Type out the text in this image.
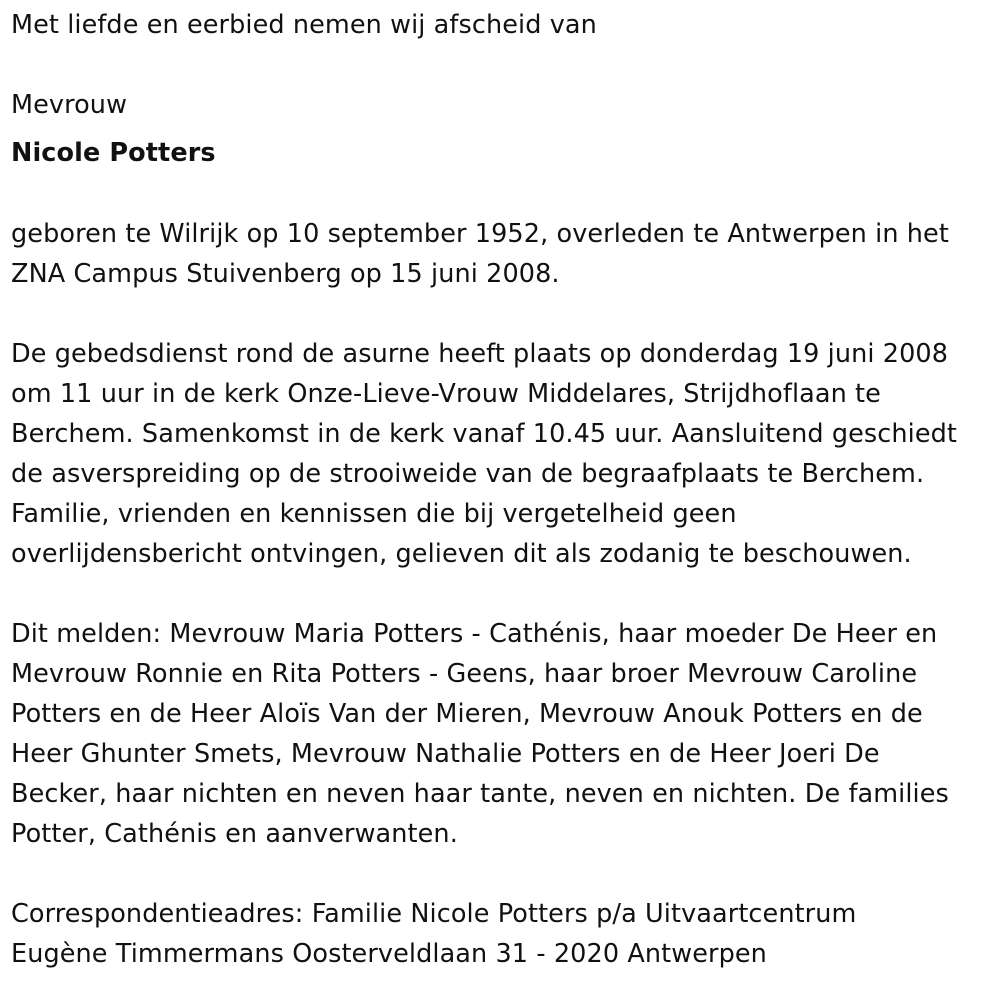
Met liefde en eerbied nemen wij afscheid van
Mevrouw
Nicole Potters
geboren te Wilrijk op 10 september 1952, overleden te Antwerpen in het
ZNA Campus Stuivenberg op 15 juni 2008.
De gebedsdienst rond de asurne heeft plaats op donderdag 19 juni 2008
om 11 uur in de kerk Onze-Lieve-Vrouw Middelares, Strijdhoflaan te
Berchem. Samenkomst in de kerk vanaf 10.45 uur. Aansluitend geschiedt
de asverspreiding op de strooiweide van de begraafplaats te Berchem.
Familie, vrienden en kennissen die bij vergetelheid geen
overlijdensbericht ontvingen, gelieven dit als zodanig te beschouwen.
Dit melden: Mevrouw Maria Potters - Cathénis, haar moeder De Heer en
Mevrouw Ronnie en Rita Potters - Geens, haar broer Mevrouw Caroline
Potters en de Heer Aloïs Van der Mieren, Mevrouw Anouk Potters en de
Heer Ghunter Smets, Mevrouw Nathalie Potters en de Heer Joeri De
Becker, haar nichten en neven haar tante, neven en nichten. De families
Potter, Cathénis en aanverwanten.
Correspondentieadres: Familie Nicole Potters p/a Uitvaartcentrum
Eugène Timmermans Oosterveldlaan 31 - 2020 Antwerpen
